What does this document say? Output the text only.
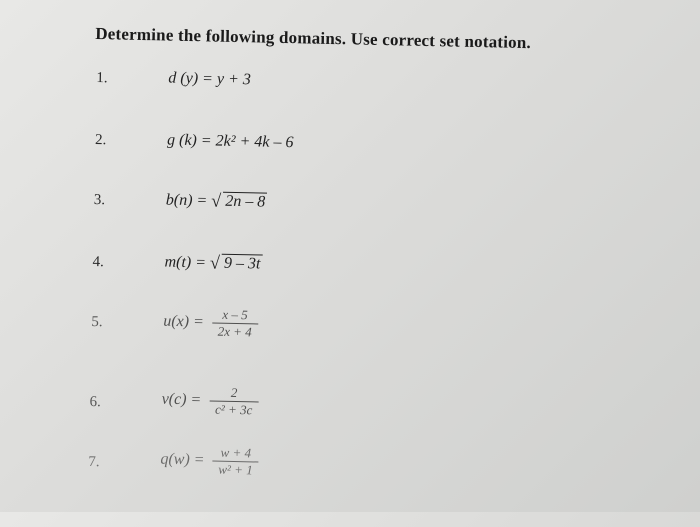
Determine the following domains. Use correct set notation.
1.	d (y) = y + 3
2.	g (k) = 2k² + 4k – 6
3.	b(n) = √ 2n – 8
4.	m(t) = √ 9 – 3t
5.	$u(x) = \frac{x - 5}{2x + 4}$
6.	$v(c) = \frac{2}{\text{c² + 3c}}$
7.	$q(w) = \frac{w + 4}{\text{w² + 1}}$
